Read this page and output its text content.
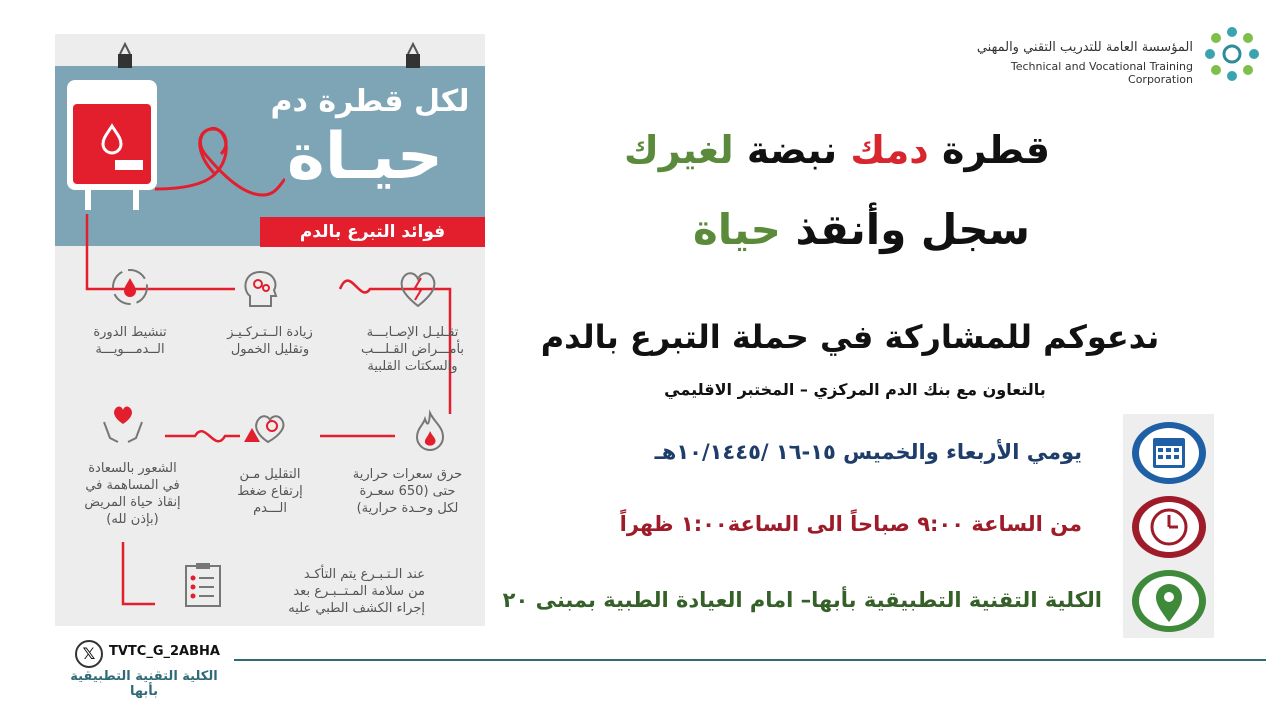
لكل قطرة دم
حيـاة
فوائد التبرع بالدم
تنشيط الدورة
الــدمـــويـــة
زيادة الــتـركـيـز
وتقليل الخمول
تقـليـل الإصـابـــة
بأمـــراض القـلـــب
والسكتات القلبية
الشعور بالسعادة
في المساهمة في
إنقاذ حياة المريض
(بإذن لله)
التقليل مـن
إرتفاع ضغط
الـــدم
حرق سعرات حرارية
حتى (650 سعـرة
لكل وحـدة حرارية)
عند الـتـبـرع يتم التأكـد
من سلامة المـتــبـرع بعد
إجراء الكشف الطبي عليه
المؤسسة العامة للتدريب التقني والمهني
Technical and Vocational Training Corporation
قطرة دمك نبضة لغيرك
سجل وأنقذ حياة
ندعوكم للمشاركة في حملة التبرع بالدم
بالتعاون مع بنك الدم المركزي – المختبر الاقليمي
يومي الأربعاء والخميس ١٥-١٦ /١٠/١٤٤٥هـ
من الساعة ٩:٠٠ صباحاً الى الساعة١:٠٠ ظهراً
الكلية التقنية التطبيقية بأبها– امام العيادة الطبية بمبنى ٢٠
𝕏	TVTC_G_2ABHA
الكلية التقنية التطبيقية بأبها
